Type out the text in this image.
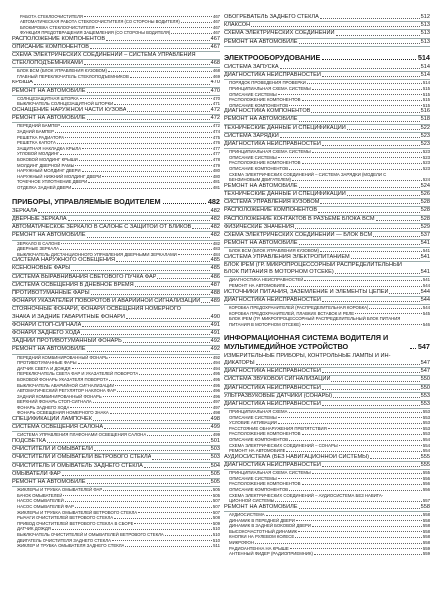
РАБОТА СТЕКЛООЧИСТИТЕЛЯ	467
АВТОМАТИЧЕСКАЯ РАБОТА СТЕКЛООЧИСТИТЕЛЯ (СО СТОРОНЫ ВОДИТЕЛЯ)	467
БЛОКИРОВКА СТЕКЛООЧИСТИТЕЛЯ	467
ФУНКЦИЯ ПРЕДОТВРАЩЕНИЯ ЗАЩЕМЛЕНИЯ (СО СТОРОНЫ ВОДИТЕЛЯ)	467
РАСПОЛОЖЕНИЕ КОМПОНЕНТОВ	467
ОПИСАНИЕ КОМПОНЕНТОВ	467
СХЕМА ЭЛЕКТРИЧЕСКИХ СОЕДИНЕНИЙ – СИСТЕМА УПРАВЛЕНИЯ
СТЕКЛОПОДЪЕМНИКАМИ	468
БЛОК BCM (БЛОК УПРАВЛЕНИЯ КУЗОВОМ)	468
ГЛАВНЫЙ ПЕРЕКЛЮЧАТЕЛЬ СТЕКЛОПОДЪЕМНИКОВ	469
КРЫША	470
РЕМОНТ НА АВТОМОБИЛЕ	470
СОЛНЦЕЗАЩИТНАЯ ШТОРКА	470
ВЫКЛЮЧАТЕЛЬ СОЛНЦЕЗАЩИТНОЙ ШТОРКИ	471
ОСНАЩЕНИЕ НАРУЖНОЙ ЧАСТИ КУЗОВА	472
РЕМОНТ НА АВТОМОБИЛЕ	472
ПЕРЕДНИЙ БАМПЕР	472
ЗАДНИЙ БАМПЕР	474
РЕШЕТКА РАДИАТОРА	475
РЕШЕТКА КАПОТА	476
ЗАЩИТНАЯ НАКЛАДКА КРЫЛА	477
УГЛОВОЙ МОЛДИНГ	477
БОКОВОЙ МОЛДИНГ КРЫШИ	478
МОЛДИНГ ДВЕРНОЙ РАМЫ	479
НАРУЖНЫЙ МОЛДИНГ ДВЕРИ	480
НАРУЖНЫЙ НИЖНИЙ МОЛДИНГ ДВЕРИ	480
ТОЧЕЧНОЕ УПЛОТНЕНИЕ ДВЕРИ	481
ОТДЕЛКА ЗАДНЕЙ ДВЕРИ	481
ПРИБОРЫ, УПРАВЛЯЕМЫЕ ВОДИТЕЛЕМ	482
ЗЕРКАЛА	482
ДВЕРНЫЕ ЗЕРКАЛА	482
АВТОМАТИЧЕСКОЕ ЗЕРКАЛО В САЛОНЕ С ЗАЩИТОЙ ОТ БЛИКОВ	482
РЕМОНТ НА АВТОМОБИЛЕ	482
ЗЕРКАЛО В САЛОНЕ	482
ДВЕРНЫЕ ЗЕРКАЛА	483
ВЫКЛЮЧАТЕЛЬ ДИСТАНЦИОННОГО УПРАВЛЕНИЯ ДВЕРНЫМИ ЗЕРКАЛАМИ	484
СИСТЕМА НАРУЖНОГО ОСВЕЩЕНИЯ	485
КСЕНОНОВЫЕ ФАРЫ	485
СИСТЕМА ВЫРАВНИВАНИЯ СВЕТОВОГО ПУЧКА ФАР	486
СИСТЕМА ОСВЕЩЕНИЯ В ДНЕВНОЕ ВРЕМЯ	487
ПРОТИВОТУМАННЫЕ ФАРЫ	488
ФОНАРИ УКАЗАТЕЛЕЙ ПОВОРОТОВ И АВАРИЙНОЙ СИГНАЛИЗАЦИИ 489
СТОЯНОЧНЫЕ ФОНАРИ, ФОНАРИ ОСВЕЩЕНИЯ НОМЕРНОГО
ЗНАКА И ЗАДНИЕ ГАБАРИТНЫЕ ФОНАРИ	490
ФОНАРИ СТОП-СИГНАЛА	491
ФОНАРИ ЗАДНЕГО ХОДА	491
ЗАДНИЙ ПРОТИВОТУМАННЫЙ ФОНАРЬ	492
РЕМОНТ НА АВТОМОБИЛЕ	492
ПЕРЕДНИЙ КОМБИНИРОВАННЫЙ ФОНАРЬ	492
ПРОТИВОТУМАННЫЕ ФАРЫ	494
ДАТЧИК СВЕТА И ДОЖДЯ	494
ПЕРЕКЛЮЧАТЕЛЬ СВЕТА ФАР И УКАЗАТЕЛЕЙ ПОВОРОТА	495
БОКОВОЙ ФОНАРЬ УКАЗАТЕЛЯ ПОВОРОТА	495
ВЫКЛЮЧАТЕЛЬ АВАРИЙНОЙ СИГНАЛИЗАЦИИ	495
АВТОМАТИЧЕСКИЙ РЕГУЛЯТОР НАКЛОНА ФАР	496
ЗАДНИЙ КОМБИНИРОВАННЫЙ ФОНАРЬ	496
ВЕРХНИЙ ФОНАРЬ СТОП-СИГНАЛА	497
ФОНАРЬ ЗАДНЕГО ХОДА	497
ФОНАРЬ ОСВЕЩЕНИЯ НОМЕРНОГО ЗНАКА	498
СПЕЦИФИКАЦИИ ЛАМПОЧЕК	498
СИСТЕМА ОСВЕЩЕНИЯ САЛОНА	499
СИСТЕМА УПРАВЛЕНИЯ ПЛАФОНАМИ ОСВЕЩЕНИЯ САЛОНА	499
ПОДСВЕТКА	501
ОЧИСТИТЕЛИ И ОМЫВАТЕЛИ	503
ОЧИСТИТЕЛИ И ОМЫВАТЕЛИ ВЕТРОВОГО СТЕКЛА	503
ОЧИСТИТЕЛЬ И ОМЫВАТЕЛЬ ЗАДНЕГО СТЕКЛА	504
ОМЫВАТЕЛИ ФАР	505
РЕМОНТ НА АВТОМОБИЛЕ	505
ЖИКЛЕРЫ И ТРУБКА ОМЫВАТЕЛЕЙ ФАР	505
БАЧОК ОМЫВАТЕЛЕЙ	505
НАСОС ОМЫВАТЕЛЕЙ	507
НАСОС ОМЫВАТЕЛЕЙ ФАР	507
ЖИКЛЕРЫ И ТРУБКА ОМЫВАТЕЛЕЙ ВЕТРОВОГО СТЕКЛА	507
РЫЧАГИ ОЧИСТИТЕЛЕЙ ВЕТРОВОГО СТЕКЛА	508
ПРИВОД ОЧИСТИТЕЛЕЙ ВЕТРОВОГО СТЕКЛА В СБОРЕ	509
ДАТЧИК ДОЖДЯ	510
ВЫКЛЮЧАТЕЛЬ ОЧИСТИТЕЛЕЙ И ОМЫВАТЕЛЕЙ ВЕТРОВОГО СТЕКЛА	510
ДВИГАТЕЛЬ ОЧИСТИТЕЛЯ ЗАДНЕГО СТЕКЛА	510
ЖИКЛЕР И ТРУБКА ОМЫВАТЕЛЯ ЗАДНЕГО СТЕКЛА	511
ОБОГРЕВАТЕЛЬ ЗАДНЕГО СТЕКЛА	512
КЛАКСОН	513
СХЕМА ЭЛЕКТРИЧЕСКИХ СОЕДИНЕНИЙ	513
РЕМОНТ НА АВТОМОБИЛЕ	513
ЭЛЕКТРООБОРУДОВАНИЕ	514
СИСТЕМА ЗАПУСКА	514
ДИАГНОСТИКА НЕИСПРАВНОСТЕЙ	514
ПОРЯДОК ПРОВЕДЕНИЯ ПРОВЕРКИ	514
ПРИНЦИПИАЛЬНАЯ СХЕМА СИСТЕМЫ	515
ОПИСАНИЕ СИСТЕМЫ	515
РАСПОЛОЖЕНИЕ КОМПОНЕНТОВ	515
ОПИСАНИЕ КОМПОНЕНТОВ	515
ДИАГНОСТИКА КОМПОНЕНТОВ	516
РЕМОНТ НА АВТОМОБИЛЕ	518
ТЕХНИЧЕСКИЕ ДАННЫЕ И СПЕЦИФИКАЦИИ	522
СИСТЕМА ЗАРЯДКИ	523
ДИАГНОСТИКА НЕИСПРАВНОСТЕЙ	523
ПРИНЦИПИАЛЬНАЯ СХЕМА СИСТЕМЫ	523
ОПИСАНИЕ СИСТЕМЫ	523
РАСПОЛОЖЕНИЕ КОМПОНЕНТОВ	523
ОПИСАНИЕ КОМПОНЕНТОВ	523
СХЕМА ЭЛЕКТРИЧЕСКИХ СОЕДИНЕНИЙ – СИСТЕМА ЗАРЯДКИ (МОДЕЛИ С
БЕНЗИНОВЫМ ДВИГАТЕЛЕМ)	524
РЕМОНТ НА АВТОМОБИЛЕ	524
ТЕХНИЧЕСКИЕ ДАННЫЕ И СПЕЦИФИКАЦИИ	526
СИСТЕМА УПРАВЛЕНИЯ КУЗОВОМ	528
РАСПОЛОЖЕНИЕ КОМПОНЕНТОВ	528
РАСПОЛОЖЕНИЕ КОНТАКТОВ В РАЗЪЕМЕ БЛОКА BCM	528
ФИЗИЧЕСКИЕ ЗНАЧЕНИЯ	529
СХЕМА ЭЛЕКТРИЧЕСКИХ СОЕДИНЕНИЙ — БЛОК BCM	537
РЕМОНТ НА АВТОМОБИЛЕ	541
БЛОК BCM (БЛОК УПРАВЛЕНИЯ КУЗОВОМ)	541
СИСТЕМА УПРАВЛЕНИЯ ЭЛЕКТРОПИТАНИЕМ	541
БЛОК IPEM (ГР. МИКРОПРОЦЕССОРНЫЙ РАСПРЕДЕЛИТЕЛЬНЫЙ
БЛОК ПИТАНИЯ В МОТОРНОМ ОТСЕКЕ)	541
ДИАГНОСТИКА НЕИСПРАВНОСТЕЙ	541
РЕМОНТ НА АВТОМОБИЛЕ	544
ИСТОЧНИКИ ПИТАНИЯ, ЗАЗЕМЛЕНИЕ И ЭЛЕМЕНТЫ ЦЕПЕЙ	544
ДИАГНОСТИКА НЕИСПРАВНОСТЕЙ	544
КОРОБКА ПРЕДОХРАНИТЕЛЕЙ (РАСПРЕДЕЛИТЕЛЬНАЯ КОРОБКА)	544
КОРОБКА ПРЕДОХРАНИТЕЛЕЙ, ПЛАВКИХ ВСТАВОК И РЕЛЕ	545
БЛОК IPEM (ГР. МИКРОПРОЦЕССОРНЫЙ РАСПРЕДЕЛИТЕЛЬНЫЙ БЛОК ПИТАНИЯ
ПИТАНИЯ В МОТОРНОМ ОТСЕКЕ)	546
ИНФОРМАЦИОННАЯ СИСТЕМА ВОДИТЕЛЯ И МУЛЬТИМЕДИЙНОЕ УСТРОЙСТВО	547
ИЗМЕРИТЕЛЬНЫЕ ПРИБОРЫ, КОНТРОЛЬНЫЕ ЛАМПЫ И ИН-
ДИКАТОРЫ	547
ДИАГНОСТИКА НЕИСПРАВНОСТЕЙ	547
СИСТЕМА ЗВУКОВОЙ СИГНАЛИЗАЦИИ	550
ДИАГНОСТИКА НЕИСПРАВНОСТЕЙ	550
УЛЬТРАЗВУКОВЫЕ ДАТЧИКИ (СОНАРЫ)	553
ДИАГНОСТИКА НЕИСПРАВНОСТЕЙ	553
ПРИНЦИПИАЛЬНАЯ СХЕМА	553
ОПИСАНИЕ СИСТЕМЫ	553
УСЛОВИЕ АКТИВАЦИИ	553
РАССТОЯНИЕ ОБНАРУЖЕНИЯ ПРЕПЯТСТВИЯ	553
РАСПОЛОЖЕНИЕ КОМПОНЕНТОВ	553
ОПИСАНИЕ КОМПОНЕНТОВ	554
СХЕМА ЭЛЕКТРИЧЕСКИХ СОЕДИНЕНИЙ – СОНАРЫ	554
РЕМОНТ НА АВТОМОБИЛЕ	554
АУДИОСИСТЕМА (БЕЗ НАВИГАЦИОННОЙ СИСТЕМЫ)	555
ДИАГНОСТИКА НЕИСПРАВНОСТЕЙ	555
ПРИНЦИПИАЛЬНАЯ СХЕМА СИСТЕМЫ	555
ОПИСАНИЕ СИСТЕМЫ	556
РАСПОЛОЖЕНИЕ КОМПОНЕНТОВ	556
ОПИСАНИЕ КОМПОНЕНТОВ	556
СХЕМА ЭЛЕКТРИЧЕСКИХ СОЕДИНЕНИЙ – АУДИОСИСТЕМА БЕЗ НАВИГА-
ЦИОННОЙ СИСТЕМЫ	557
РЕМОНТ НА АВТОМОБИЛЕ	558
АУДИОСИСТЕМА	558
ДИНАМИК В ПЕРЕДНЕЙ ДВЕРИ	558
ДИНАМИК В ЗАДНЕЙ БОКОВОЙ ДВЕРИ	558
ВЫСОКОЧАСТОТНЫЙ ДИНАМИК	558
КНОПКИ НА РУЛЕВОМ КОЛЕСЕ	558
МИКРОФОН	558
РАДИОАНТЕННА НА КРЫШЕ	559
АНТЕННЫЙ ФИДЕР (РАДИОПРИЕМНИК)	559
